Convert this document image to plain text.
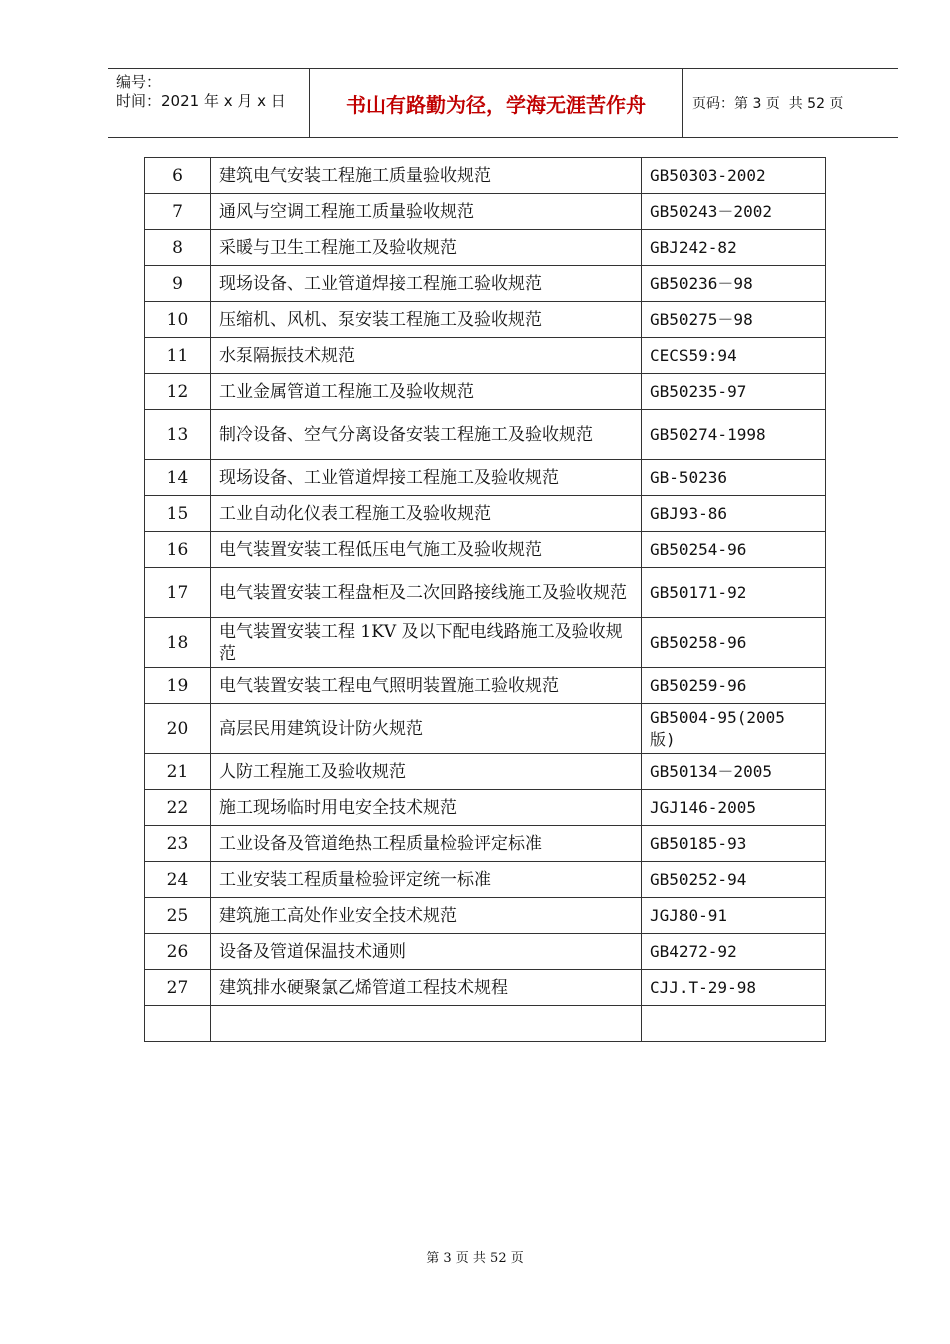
编号：
时间：2021 年 x 月 x 日	书山有路勤为径，学海无涯苦作舟	页码：第 3 页  共 52 页
6	建筑电气安装工程施工质量验收规范	GB50303-2002
7	通风与空调工程施工质量验收规范	GB50243－2002
8	采暖与卫生工程施工及验收规范	GBJ242-82
9	现场设备、工业管道焊接工程施工验收规范	GB50236－98
10	压缩机、风机、泵安装工程施工及验收规范	GB50275－98
11	水泵隔振技术规范	CECS59:94
12	工业金属管道工程施工及验收规范	GB50235-97
13	制冷设备、空气分离设备安装工程施工及验收规范	GB50274-1998
14	现场设备、工业管道焊接工程施工及验收规范	GB-50236
15	工业自动化仪表工程施工及验收规范	GBJ93-86
16	电气装置安装工程低压电气施工及验收规范	GB50254-96
17	电气装置安装工程盘柜及二次回路接线施工及验收规范	GB50171-92
18	电气装置安装工程 1KV 及以下配电线路施工及验收规范	GB50258-96
19	电气装置安装工程电气照明装置施工验收规范	GB50259-96
20	高层民用建筑设计防火规范	GB5004-95(2005 版)
21	人防工程施工及验收规范	GB50134－2005
22	施工现场临时用电安全技术规范	JGJ146-2005
23	工业设备及管道绝热工程质量检验评定标准	GB50185-93
24	工业安装工程质量检验评定统一标准	GB50252-94
25	建筑施工高处作业安全技术规范	JGJ80-91
26	设备及管道保温技术通则	GB4272-92
27	建筑排水硬聚氯乙烯管道工程技术规程	CJJ.T-29-98

第 3 页 共 52 页
